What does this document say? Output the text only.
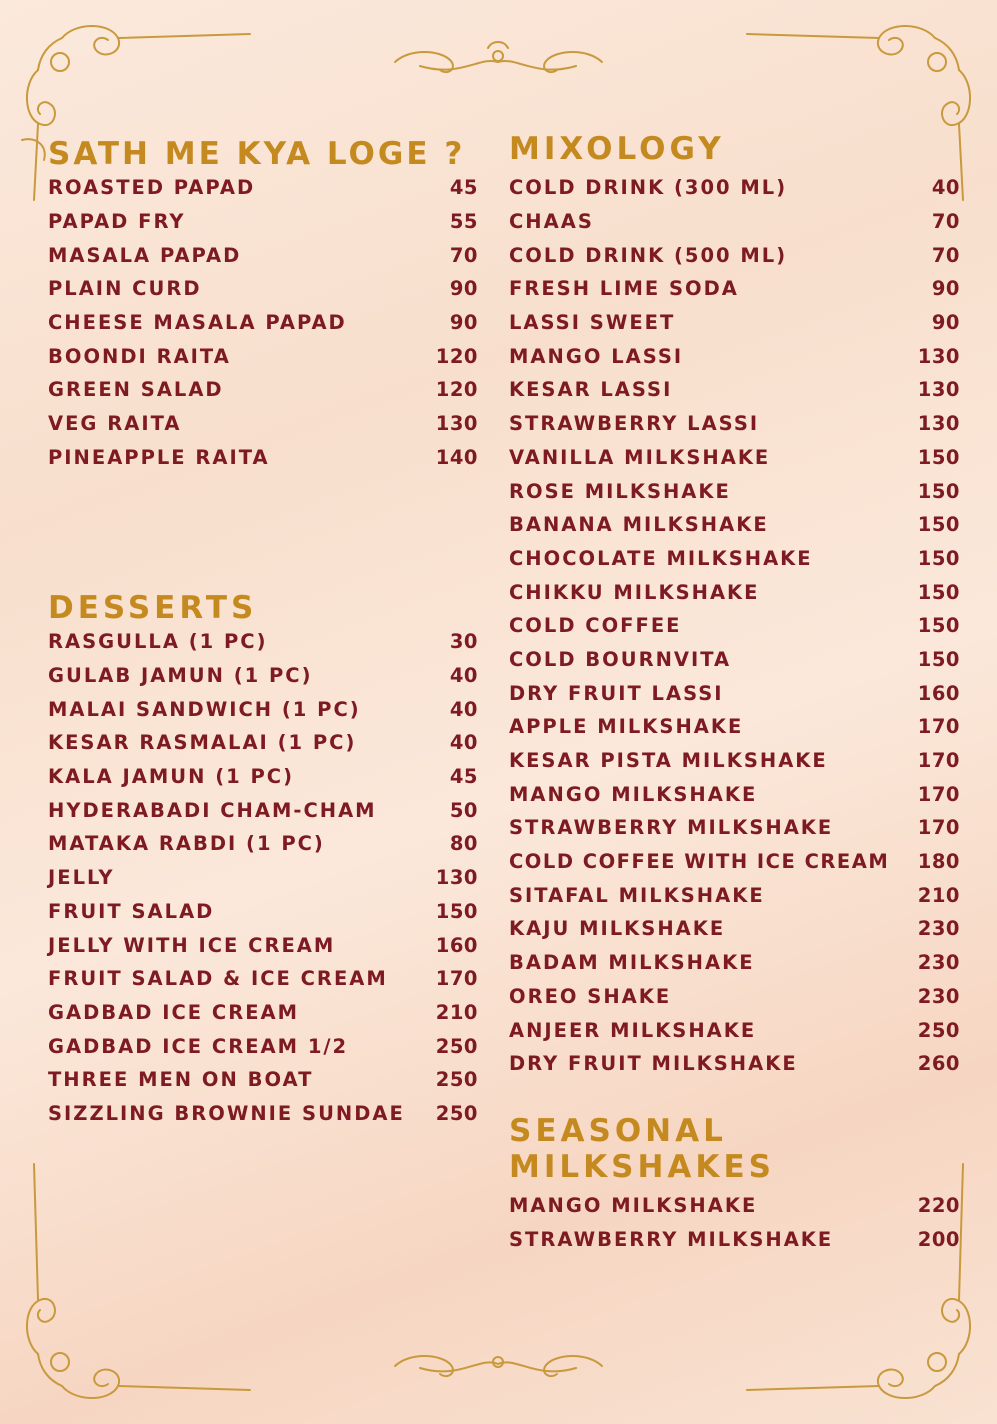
SATH ME KYA LOGE ?
ROASTED PAPAD	45
PAPAD FRY	55
MASALA PAPAD	70
PLAIN CURD	90
CHEESE MASALA PAPAD	90
BOONDI RAITA	120
GREEN SALAD	120
VEG RAITA	130
PINEAPPLE RAITA	140
DESSERTS
RASGULLA (1 PC)	30
GULAB JAMUN (1 PC)	40
MALAI SANDWICH (1 PC)	40
KESAR RASMALAI (1 PC)	40
KALA JAMUN (1 PC)	45
HYDERABADI CHAM-CHAM	50
MATAKA RABDI (1 PC)	80
JELLY	130
FRUIT SALAD	150
JELLY WITH ICE CREAM	160
FRUIT SALAD & ICE CREAM 170
GADBAD ICE CREAM	210
GADBAD ICE CREAM 1/2	250
THREE MEN ON BOAT	250
SIZZLING BROWNIE SUNDAE 250
MIXOLOGY
COLD DRINK (300 ML)	40
CHAAS	70
COLD DRINK (500 ML)	70
FRESH LIME SODA	90
LASSI SWEET	90
MANGO LASSI	130
KESAR LASSI	130
STRAWBERRY LASSI	130
VANILLA MILKSHAKE	150
ROSE MILKSHAKE	150
BANANA MILKSHAKE	150
CHOCOLATE MILKSHAKE	150
CHIKKU MILKSHAKE	150
COLD COFFEE	150
COLD BOURNVITA	150
DRY FRUIT LASSI	160
APPLE MILKSHAKE	170
KESAR PISTA MILKSHAKE	170
MANGO MILKSHAKE	170
STRAWBERRY MILKSHAKE	170
COLD COFFEE WITH ICE CREAM 180
SITAFAL MILKSHAKE	210
KAJU MILKSHAKE	230
BADAM MILKSHAKE	230
OREO SHAKE	230
ANJEER MILKSHAKE	250
DRY FRUIT MILKSHAKE	260
SEASONAL
MILKSHAKES
MANGO MILKSHAKE	220
STRAWBERRY MILKSHAKE	200
